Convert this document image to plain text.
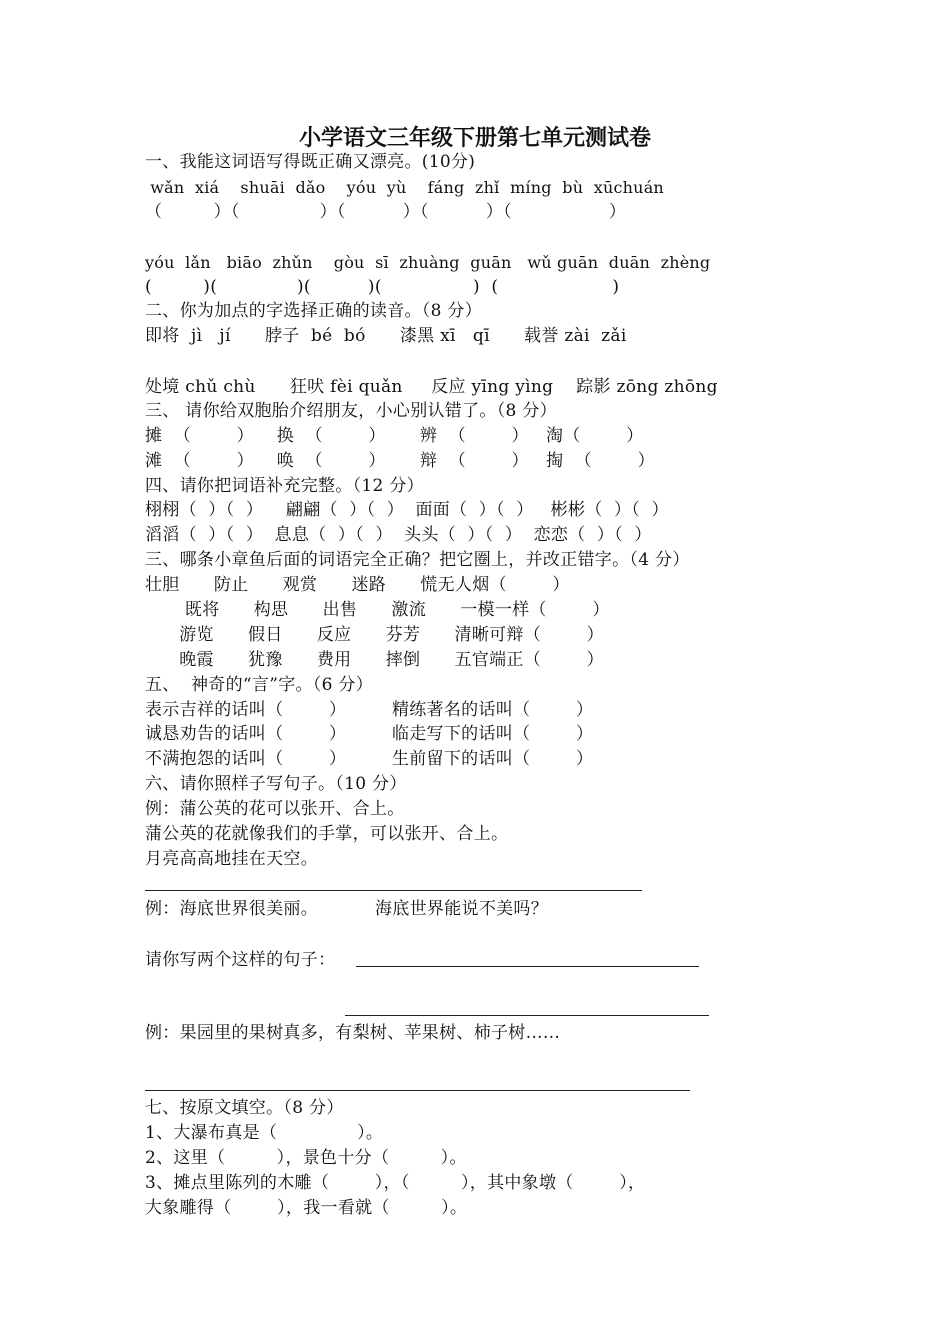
小学语文三年级下册第七单元测试卷
一、我能这词语写得既正确又漂亮。(10分)
wǎn  xiá    shuāi  dǎo    yóu  yù    fáng  zhǐ  míng  bù  xūchuán
（         ）（              ）（          ）（          ）（                 ）
yóu  lǎn   biāo  zhǔn    gòu  sī  zhuàng  guān   wǔ guān  duān  zhèng
(         )(              )(          )(                )  (                    )
二、你为加点的字选择正确的读音。（8 分）
即将  jì   jí      脖子  bé  bó      漆黑 xī   qī      载誉 zài  zǎi
处境 chǔ chù      狂吠 fèi quǎn     反应 yīng yìng    踪影 zōng zhōng
三、 请你给双胞胎介绍朋友，小心别认错了。（8 分）
摊  （        ）    换  （        ）      辨  （        ）   淘（        ）
滩  （        ）    唤  （        ）      辩  （        ）   掏  （        ）
四、请你把词语补充完整。（12 分）
栩栩（  ）（  ）    翩翩（  ）（  ）  面面（  ）（  ）   彬彬（  ）（  ）
滔滔（  ）（  ）  息息（  ）（  ）  头头（  ）（  ）  恋恋（  ）（  ）
三、哪条小章鱼后面的词语完全正确？把它圈上，并改正错字。（4 分）
壮胆      防止      观赏      迷路      慌无人烟（        ）
既将      构思      出售      激流      一模一样（        ）
游览      假日      反应      芬芳      清晰可辩（        ）
晚霞      犹豫      费用      摔倒      五官端正（        ）
五、  神奇的“言”字。（6 分）
表示吉祥的话叫（        ）        精练著名的话叫（        ）
诚恳劝告的话叫（        ）        临走写下的话叫（        ）
不满抱怨的话叫（        ）        生前留下的话叫（        ）
六、请你照样子写句子。（10 分）
例：蒲公英的花可以张开、合上。
蒲公英的花就像我们的手掌，可以张开、合上。
月亮高高地挂在天空。
例：海底世界很美丽。          海底世界能说不美吗？
请你写两个这样的句子：
例：果园里的果树真多，有梨树、苹果树、柿子树……
七、按原文填空。（8 分）
1、大瀑布真是（              ）。
2、这里（         ），景色十分（         ）。
3、摊点里陈列的木雕（        ），（         ），其中象墩（        ），
大象雕得（        ），我一看就（         ）。
